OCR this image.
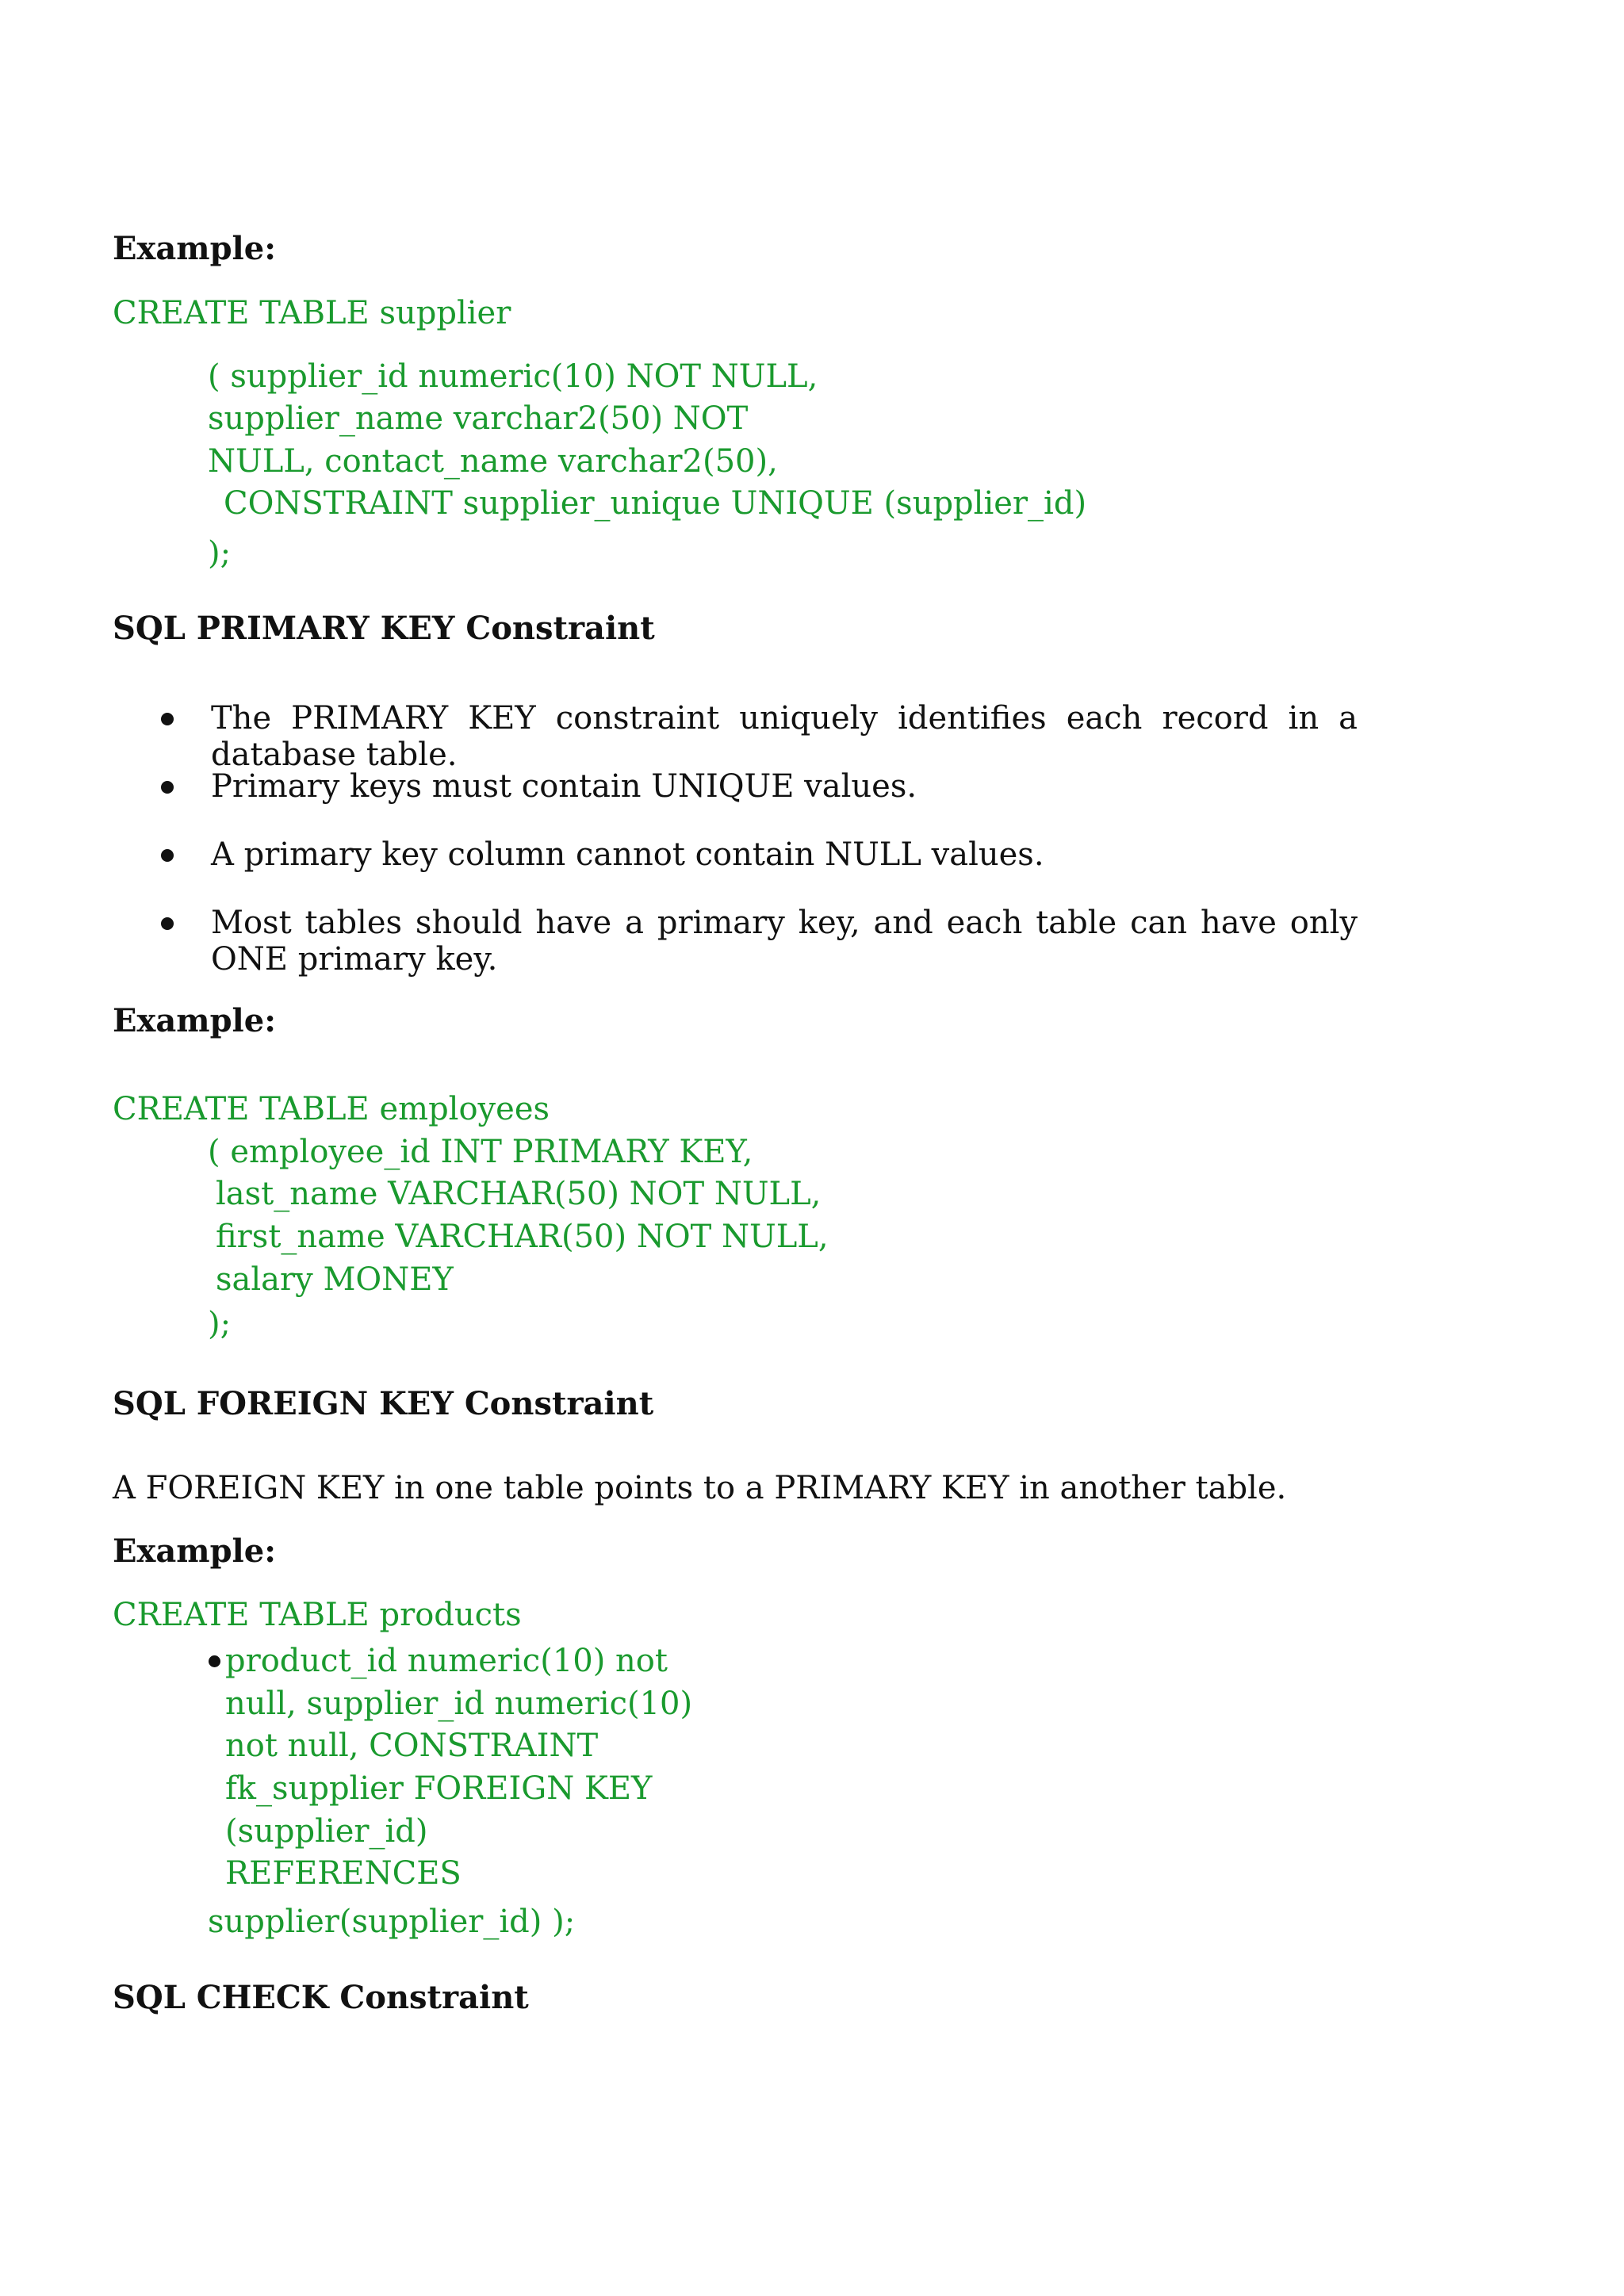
Example:
CREATE TABLE supplier
( supplier_id numeric(10) NOT NULL,
supplier_name varchar2(50) NOT
NULL, contact_name varchar2(50),
CONSTRAINT supplier_unique UNIQUE (supplier_id)
);
SQL PRIMARY KEY Constraint
The PRIMARY KEY constraint uniquely identifies each record in a database table.
Primary keys must contain UNIQUE values.
A primary key column cannot contain NULL values.
Most tables should have a primary key, and each table can have only ONE primary key.
Example:
CREATE TABLE employees
( employee_id INT PRIMARY KEY,
last_name VARCHAR(50) NOT NULL,
first_name VARCHAR(50) NOT NULL,
salary MONEY
);
SQL FOREIGN KEY Constraint
A FOREIGN KEY in one table points to a PRIMARY KEY in another table.
Example:
CREATE TABLE products
product_id numeric(10) not
null, supplier_id numeric(10)
not null, CONSTRAINT
fk_supplier FOREIGN KEY
(supplier_id)
REFERENCES
supplier(supplier_id) );
SQL CHECK Constraint
